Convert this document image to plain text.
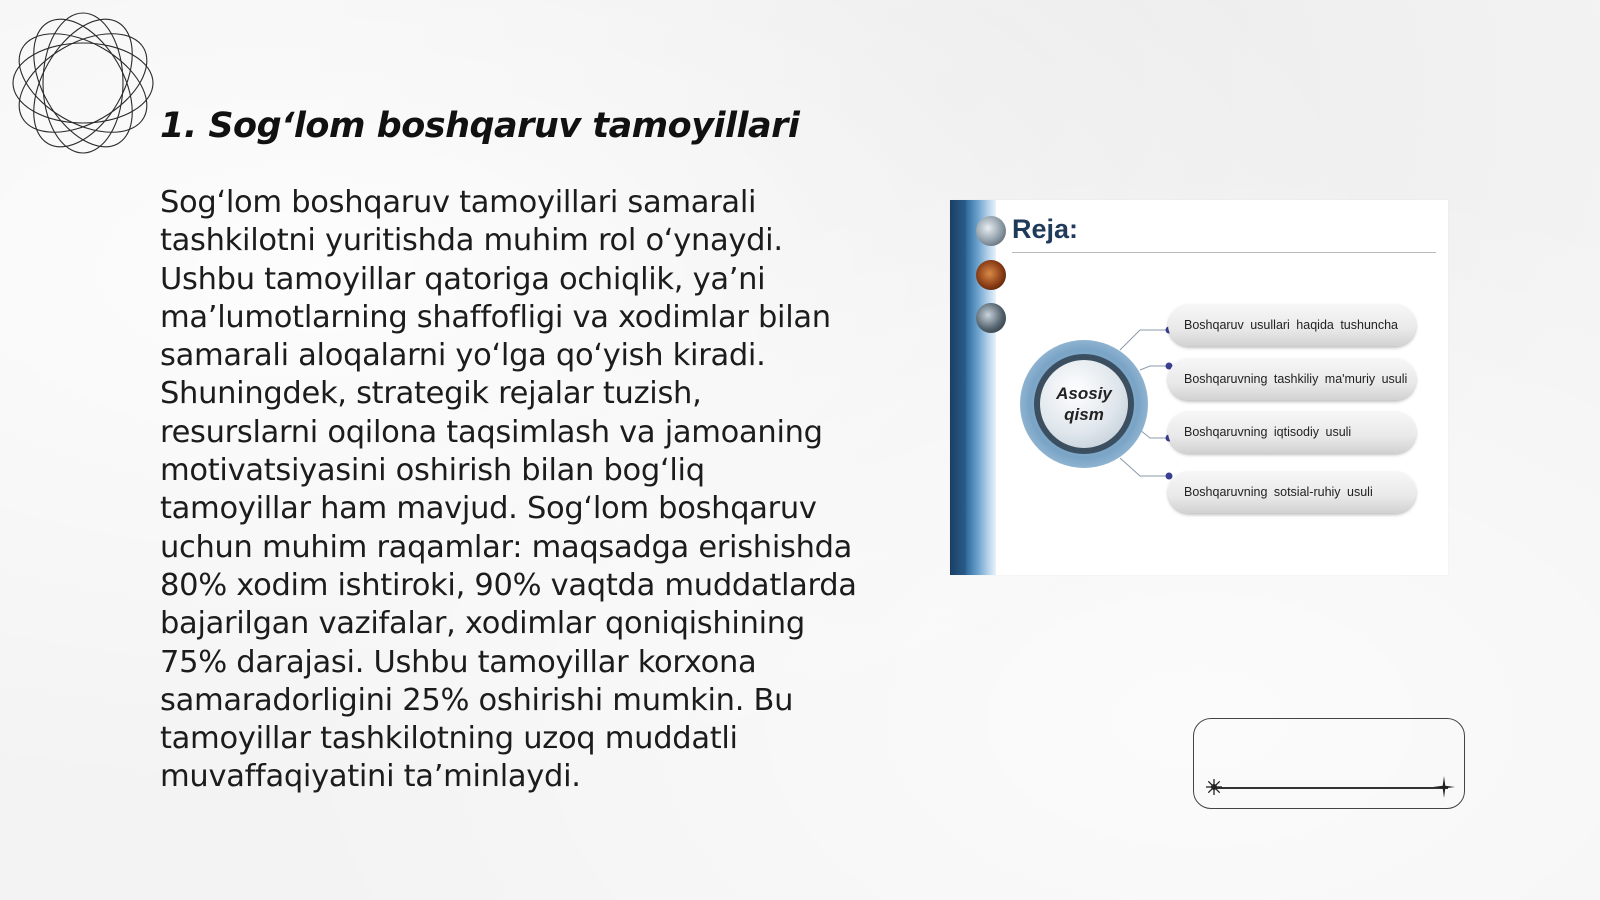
1. Sog‘lom boshqaruv tamoyillari

Sog‘lom boshqaruv tamoyillari samarali tashkilotni yuritishda muhim rol o‘ynaydi. Ushbu tamoyillar qatoriga ochiqlik, ya’ni ma’lumotlarning shaffofligi va xodimlar bilan samarali aloqalarni yo‘lga qo‘yish kiradi. Shuningdek, strategik rejalar tuzish, resurslarni oqilona taqsimlash va jamoaning motivatsiyasini oshirish bilan bog‘liq tamoyillar ham mavjud. Sog‘lom boshqaruv uchun muhim raqamlar: maqsadga erishishda 80% xodim ishtiroki, 90% vaqtda muddatlarda bajarilgan vazifalar, xodimlar qoniqishining 75% darajasi. Ushbu tamoyillar korxona samaradorligini 25% oshirishi mumkin. Bu tamoyillar tashkilotning uzoq muddatli muvaffaqiyatini ta’minlaydi.

Reja:
Asosiy
qism
Boshqaruv usullari haqida tushuncha
Boshqaruvning tashkiliy ma'muriy usuli
Boshqaruvning iqtisodiy usuli
Boshqaruvning sotsial-ruhiy usuli
